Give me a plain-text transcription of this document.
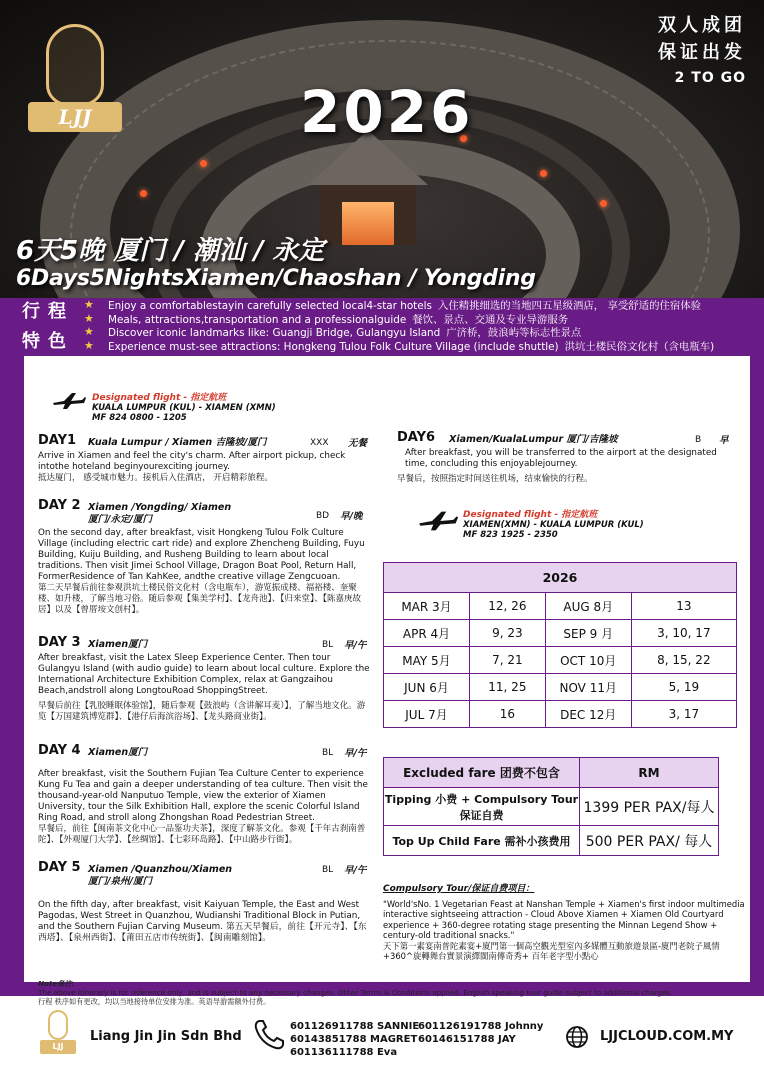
LJJ	2026
双人成团
保证出发
2 TO GO
6天5晚 厦门 / 潮汕 / 永定
6Days5NightsXiamen/Chaoshan / Yongding
行程
特色
★
★
★
★
Enjoy a comfortablestayin carefully selected local4-star hotels 入住精挑细选的当地四五星级酒店， 享受舒适的住宿体验
Meals, attractions,transportation and a professionalguide 餐饮、景点、交通及专业导游服务
Discover iconic landmarks like: Guangji Bridge, Gulangyu Island 广济桥，鼓浪屿等标志性景点
Experience must-see attractions: Hongkeng Tulou Folk Culture Village (include shuttle) 洪坑土楼民俗文化村（含电瓶车)
Designated flight - 指定航班
KUALA LUMPUR (KUL) - XIAMEN (XMN)
MF 824 0800 - 1205
DAY1 Kuala Lumpur / Xiamen 吉隆坡/厦门	XXX 无餐

Arrive in Xiamen and feel the city's charm. After airport pickup, check intothe hoteland beginyourexciting journey.

抵达厦门， 感受城市魅力。接机后入住酒店， 开启精彩旅程。

DAY 2 Xiamen /Yongding/ Xiamen
厦门/永定/厦门	BD 早/晚

On the second day, after breakfast, visit Hongkeng Tulou Folk Culture Village (including electric cart ride) and explore Zhencheng Building, Fuyu Building, Kuiju Building, and Rusheng Building to learn about local traditions. Then visit Jimei School Village, Dragon Boat Pool, Return Hall, FormerResidence of Tan KahKee, andthe creative village Zengcuoan.

第二天早餐后前往参观洪坑土楼民俗文化村（含电瓶车），游览振成楼、福裕楼、奎聚楼、如升楼，了解当地习俗。随后参观【集美学村】、【龙舟池】、【归来堂】、【陈嘉庚故居】以及【曾厝垵文创村】。

DAY 3 Xiamen厦门	BL 早/午

After breakfast, visit the Latex Sleep Experience Center. Then tour Gulangyu Island (with audio guide) to learn about local culture. Explore the International Architecture Exhibition Complex, relax at Gangzaihou Beach,andstroll along LongtouRoad ShoppingStreet.

早餐后前往【乳胶睡眠体验馆】，随后参观【鼓浪屿（含讲解耳麦）】，了解当地文化。游览【万国建筑博览群】、【港仔后海滨浴场】、【龙头路商业街】。

DAY 4 Xiamen厦门	BL 早/午

After breakfast, visit the Southern Fujian Tea Culture Center to experience Kung Fu Tea and gain a deeper understanding of tea culture. Then visit the thousand-year-old Nanputuo Temple, view the exterior of Xiamen University, tour the Silk Exhibition Hall, explore the scenic Colorful Island Ring Road, and stroll along Zhongshan Road Pedestrian Street.

早餐后，前往【闽南茶文化中心一品鉴功夫茶】，深度了解茶文化。参观【千年古刹南普陀】、【外观厦门大学】、【丝绸馆】、【七彩环岛路】、【中山路步行街】。

DAY 5 Xiamen /Quanzhou/Xiamen
厦门/泉州/厦门
BL 早/午

On the fifth day, after breakfast, visit Kaiyuan Temple, the East and West Pagodas, West Street in Quanzhou, Wudianshi Traditional Block in Putian, and the Southern Fujian Carving Museum. 第五天早餐后，前往【开元寺】、【东西塔】、【泉州西街】、【莆田五店市传统街】、【闽南雕刻馆】。

DAY6 Xiamen/KualaLumpur 厦门/吉隆坡	B 早

After breakfast, you will be transferred to the airport at the designated time, concluding this enjoyablejourney.

早餐后，按照指定时间送往机场，结束愉快的行程。

Designated flight - 指定航班
XIAMEN(XMN) - KUALA LUMPUR (KUL)
MF 823 1925 - 2350
2026			
MAR 3月	12, 26	AUG 8月	13
APR 4月	9, 23	SEP 9 月	3, 10, 17
MAY 5月	7, 21	OCT 10月	8, 15, 22
JUN 6月	11, 25	NOV 11月	5, 19
JUL 7月	16	DEC 12月	3, 17
Excluded fare 团费不包含	RM
Tipping 小费 + Compulsory Tour 保证自费	1399 PER PAX/每人
Top Up Child Fare 需补小孩费用	500 PER PAX/ 每人
Compulsory Tour/保证自费项目：
"World'sNo. 1 Vegetarian Feast at Nanshan Temple + Xiamen's first indoor multimedia interactive sightseeing attraction - Cloud Above Xiamen + Xiamen Old Courtyard experience + 360-degree rotating stage presenting the Minnan Legend Show + century-old traditional snacks."
天下第一素宴南普陀素宴+廈門第一個高空觀光型室內多媒體互動旅遊景區-廈門老院子風情+360^旋轉舞台實景演繹閩南傳奇秀+ 百年老字型小點心
Note备注:
The above itinerary is for reference only, and is subject to any necessary changes. Other Terms & Conditions applied. English speaking tour guide subject to additional charges.
行程 秩序如有更改，均以当地接待单位安排为准。英语导游需额外付费。
LJJ
Liang Jin Jin Sdn Bhd
601126911788 SANNIE
60143851788 MAGRET
601136111788 Eva
601126191788 Johnny
60146151788 JAY	LJJCLOUD.COM.MY
